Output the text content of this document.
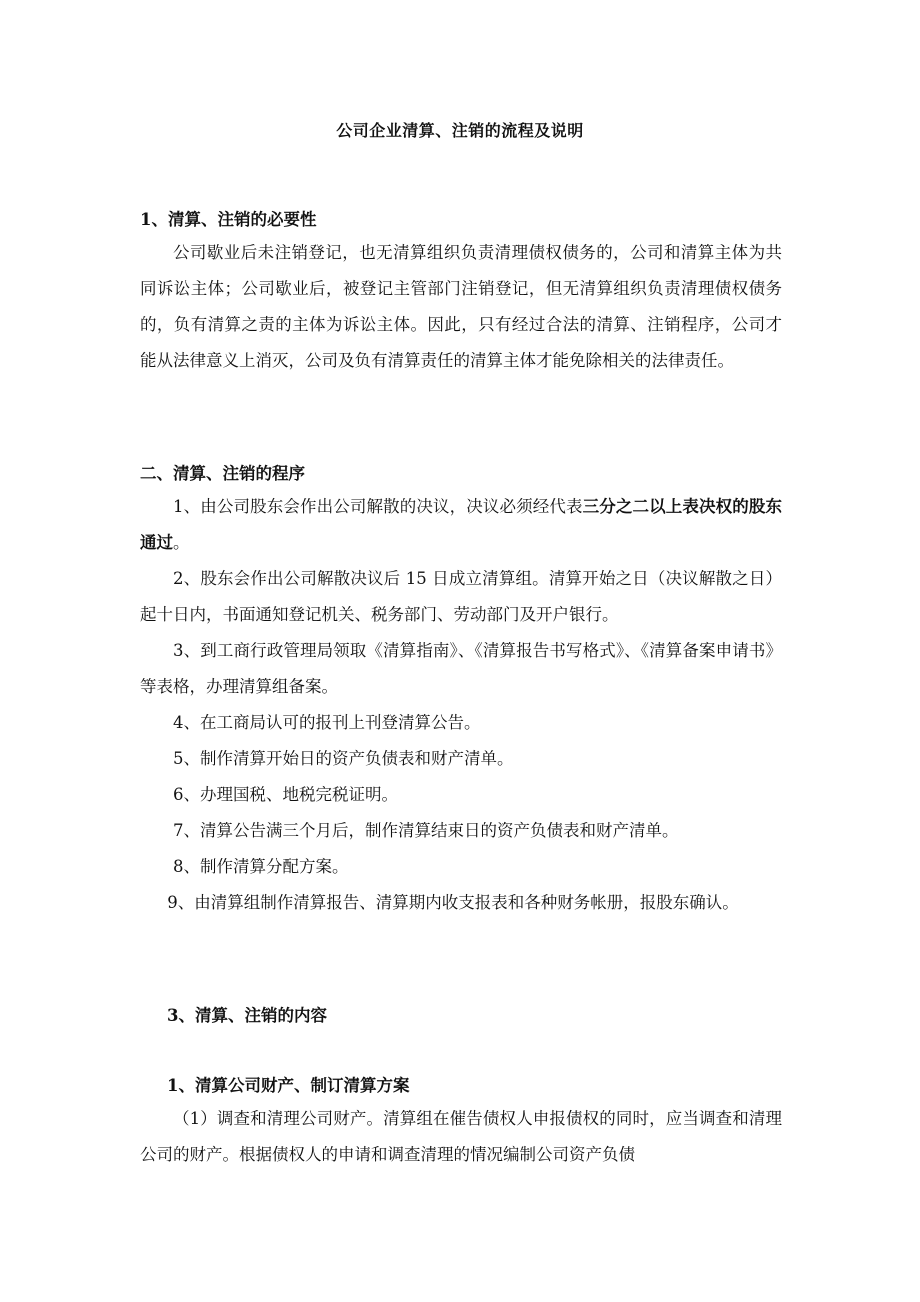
公司企业清算、注销的流程及说明
1、清算、注销的必要性

公司歇业后未注销登记，也无清算组织负责清理债权债务的，公司和清算主体为共同诉讼主体；公司歇业后，被登记主管部门注销登记，但无清算组织负责清理债权债务的，负有清算之责的主体为诉讼主体。因此，只有经过合法的清算、注销程序，公司才能从法律意义上消灭，公司及负有清算责任的清算主体才能免除相关的法律责任。

二、清算、注销的程序

1、由公司股东会作出公司解散的决议，决议必须经代表三分之二以上表决权的股东通过。

2、股东会作出公司解散决议后 15 日成立清算组。清算开始之日（决议解散之日）起十日内，书面通知登记机关、税务部门、劳动部门及开户银行。

3、到工商行政管理局领取《清算指南》、《清算报告书写格式》、《清算备案申请书》等表格，办理清算组备案。

4、在工商局认可的报刊上刊登清算公告。

5、制作清算开始日的资产负债表和财产清单。

6、办理国税、地税完税证明。

7、清算公告满三个月后，制作清算结束日的资产负债表和财产清单。

8、制作清算分配方案。

9、由清算组制作清算报告、清算期内收支报表和各种财务帐册，报股东确认。

3、清算、注销的内容
1、清算公司财产、制订清算方案

（1）调查和清理公司财产。清算组在催告债权人申报债权的同时，应当调查和清理公司的财产。根据债权人的申请和调查清理的情况编制公司资产负债
